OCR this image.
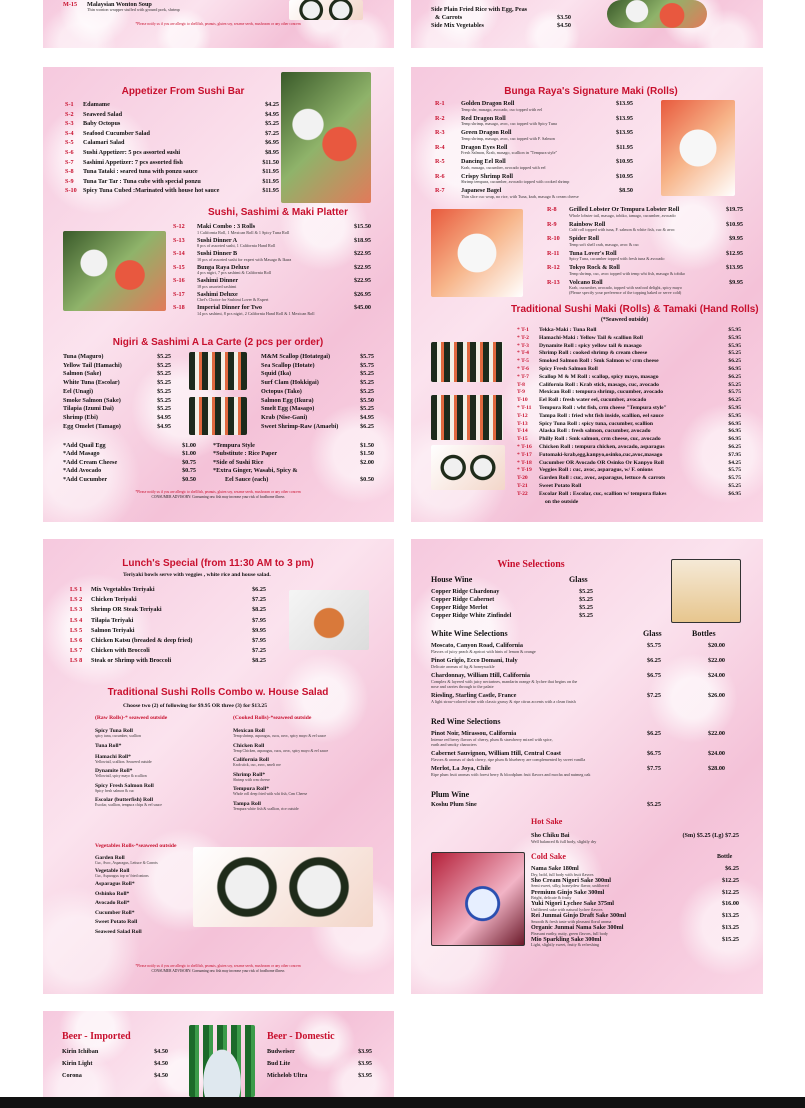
M-15 Malaysian Wonton Soup
Thin wonton wrapper stuffed with ground pork, shrimp
*Please notify us if you are allergic to shellfish, peanuts, gluten soy, sesame seeds, mushroom or any other concern
Side Plain Fried Rice with Egg, Peas
& Carrots	$3.50
Side Mix Vegetables	$4.50
Appetizer From Sushi Bar
S-1 Edamame	$4.25
S-2 Seaweed Salad	$4.95
S-3 Baby Octopus	$5.25
S-4 Seafood Cucumber Salad	$7.25
S-5 Calamari Salad	$6.95
S-6 Sushi Appetizer: 5 pcs assorted sushi	$8.95
S-7 Sashimi Appetizer: 7 pcs assorted fish	$11.50
S-8 Tuna Tataki : seared tuna with ponzu sauce	$11.95
S-9 Tuna Tar Tar : Tuna cube with special ponzu	$11.95
S-10 Spicy Tuna Cubed :Marinated with house hot sauce	$11.95
Sushi, Sashimi & Maki Platter
S-12 Maki Combo : 3 Rolls	$15.50
1 California Roll, 1 Mexican Roll & 1 Spicy Tuna Roll
S-13 Sushi Dinner A	$18.95
8 pcs of assorted sushi, 1 California Hand Roll
S-14 Sushi Dinner B	$22.95
10 pcs of assorted sushi for expert with Masago & Ikura
S-15 Bunga Raya Deluxe	$22.95
4 pcs nigiri, 7 pcs sashimi & California Roll
S-16 Sashimi Dinner	$22.95
18 pcs assorted sashimi
S-17 Sashimi Deluxe	$26.95
Chef's Choice for Sashimi Lover & Expert
S-18 Imperial Dinner for Two	$45.00
14 pcs sashimi, 8 pcs nigiri, 2 California Hand Roll & 1 Mexican Roll
Nigiri & Sashimi A La Carte (2 pcs per order)
Tuna (Maguro)	$5.25
Yellow Tail (Hamachi)	$5.25
Salmon (Sake)	$5.25
White Tuna (Escolar)	$5.25
Eel (Unagi)	$5.25
Smoke Salmon (Sake)	$5.25
Tilapia (Izumi Dai)	$5.25
Shrimp (Ebi)	$4.95
Egg Omelet (Tamago)	$4.95
M&M Scallop (Hotategai)	$5.75
Sea Scallop (Hotate)	$5.75
Squid (Ika)	$5.25
Surf Clam (Hokkigai)	$5.25
Octopus (Tako)	$5.25
Salmon Egg (Ikura)	$5.50
Smelt Egg (Masago)	$5.25
Krab (Nise-Gani)	$4.95
Sweet Shrimp-Raw (Amaebi)	$6.25
*Add Quail Egg	$1.00
*Add Masago	$1.00
*Add Cream Cheese	$0.75
*Add Avocado	$0.75
*Add Cucumber	$0.50
*Tempura Style	$1.50
*Substitute : Rice Paper	$1.50
*Side of Sushi Rice	$2.00
*Extra Ginger, Wasabi, Spicy &
Eel Sauce (each)	$0.50
*Please notify us if you are allergic to shellfish, peanuts, gluten soy, sesame seeds, mushroom or any other concern
CONSUMER ADVISORY: Consuming raw fish may increase your risk of foodborne illness
Bunga Raya's Signature Maki (Rolls)
R-1	Golden Dragon Roll	$13.95
Temp shr, masago, avocado, cuc topped with eel
R-2	Red Dragon Roll	$13.95
Temp shrimp, masago, avoc, cuc topped with Spicy Tuna
R-3	Green Dragon Roll	$13.95
Temp shrimp, masago, avoc, cuc topped with F. Salmon
R-4	Dragon Eyes Roll	$11.95
Fresh Salmon, Krab, masago, scallion in "Tempura style"
R-5	Dancing Eel Roll	$10.95
Krab, masago, cucumber, avocado topped with eel
R-6	Crispy Shrimp Roll	$10.95
Shrimp tempura, cucumber, avocado topped with cooked shrimp
R-7	Japanese Bagel	$8.50
Thin slice cuc wrap, no rice, with Tuna, krab, masago & cream cheese
R-8 Grilled Lobster Or Tempura Lobster Roll	$19.75
Whole lobster tail, masago, tobiko, tamago, cucumber, avocado
R-9 Rainbow Roll	$10.95
Calif roll topped with tuna, F. salmon & white fish, cuc & avoc
R-10 Spider Roll	$9.95
Temp soft shell crab, masago, avoc & cuc
R-11 Tuna Lover's Roll	$12.95
Spicy Tuna, cucumber topped with fresh tuna & avocado
R-12 Tokyo Rock & Roll	$13.95
Temp shrimp, cuc, avoc topped with temp wht fish, masago & tobiko
R-13 Volcano Roll	$9.95
Krab, cucumber, avocado, topped with seafood delight, spicy mayo
(Please specify your preference of the topping baked or serve cold)
Traditional Sushi Maki (Rolls) & Tamaki (Hand Rolls)
(*Seaweed outside)
* T-1 Tekka-Maki : Tuna Roll	$5.95
* T-2 Hamachi-Maki : Yellow Tail & scallion Roll	$5.95
* T-3 Dynamite Roll : spicy yellow tail & masago	$5.95
* T-4 Shrimp Roll : cooked shrimp & cream cheese	$5.25
* T-5 Smoked Salmon Roll : Smk Salmon w/ crm cheese	$6.25
* T-6 Spicy Fresh Salmon Roll	$6.95
* T-7 Scallop M & M Roll : scallop, spicy mayo, masago	$6.25
T-8	California Roll : Krab stick, masago, cuc, avocado	$5.25
T-9	Mexican Roll : tempura shrimp, cucumber, avocado	$5.75
T-10 Eel Roll : fresh water eel, cucumber, avocado	$6.25
* T-11 Tempura Roll : wht fish, crm cheese "Tempura style"	$5.95
T-12 Tampa Roll : fried wht fish inside, scallion, eel sauce	$5.95
T-13 Spicy Tuna Roll : spicy tuna, cucumber, scallion	$6.95
T-14 Alaska Roll : fresh salmon, cucumber, avocado	$6.95
T-15 Philly Roll : Smk salmon, crm cheese, cuc, avocado	$6.95
* T-16 Chicken Roll : tempura chicken, avocado, asparagus	$6.25
* T-17 Futomaki-krab,egg,kanpyo,osinko,cuc,avoc,masago	$7.95
* T-18 Cucumber OR Avocado OR Osinko Or Kanpyo Roll	$4.25
* T-19 Veggies Roll : cuc, avoc, asparagus, w/ F. onions	$5.75
T-20 Garden Roll : cuc, avoc, asparagus, lettuce & carrots	$5.75
T-21 Sweet Potato Roll	$5.25
T-22 Escolar Roll : Escolar, cuc, scallion w/ tempura flakes	$6.95
on the outside
Lunch's Special (from 11:30 AM to 3 pm)
Teriyaki bowls serve with veggies , white rice and house salad.
LS 1 Mix Vegetables Teriyaki	$6.25
LS 2 Chicken Teriyaki	$7.25
LS 3 Shrimp OR Steak Teriyaki	$8.25
LS 4 Tilapia Teriyaki	$7.95
LS 5 Salmon Teriyaki	$9.95
LS 6 Chicken Katsu (breaded & deep fried)	$7.95
LS 7 Chicken with Broccoli	$7.25
LS 8 Steak or Shrimp with Broccoli	$8.25
Traditional Sushi Rolls Combo w. House Salad
Choose two (2) of following for $9.95 OR three (3) for $13.25
(Raw Rolls)-* seaweed outside
Spicy Tuna Roll
spicy tuna, cucumber, scallion
Tuna Roll*
Hamachi Roll*
Yellowtail, scallion. Seaweed outside
Dynamite Roll*
Yellowtail, spicy mayo & scallion
Spicy Fresh Salmon Roll
Spicy fresh salmon & cuc
Escolar (butterfish) Roll
Escolar, scallion, tempura chips & eel sauce
(Cooked Rolls)-*seaweed outside
Mexican Roll
Temp shrimp, asparagus, cucu, avoc, spicy mayo & eel sauce
Chicken Roll
Temp Chicken, asparagus, cucu, avoc, spicy mayo & eel sauce
California Roll
Krab stick, cuc, avoc, smelt roe
Shrimp Roll*
Shrimp with crm cheese
Tempura Roll*
Whole roll deep fried with wht fish, Crm Cheese
Tampa Roll
Tempura white fish & scallion, rice outside
Vegetables Rolls-*seaweed outside
Garden Roll
Cuc, Avoc, Asparagus, Lettuce & Carrots
Vegetable Roll
Cuc, Asparagus top w/ fried onions
Asparagus Roll*
Oshinko Roll*
Avocado Roll*
Cucumber Roll*
Sweet Potato Roll
Seaweed Salad Roll
*Please notify us if you are allergic to shellfish, peanuts, gluten soy, sesame seeds, mushroom or any other concern
CONSUMER ADVISORY: Consuming raw fish may increase your risk of foodborne illness
Wine Selections
House Wine	Glass
Copper Ridge Chardonay	$5.25
Copper Ridge Cabernet	$5.25
Copper Ridge Merlot	$5.25
Copper Ridge White Zinfindel	$5.25
White Wine Selections	Glass	Bottles
Moscato, Canyon Road, California	$5.75	$20.00
Flavors of juicy peach & apricot with hints of lemon & orange
Pinot Grigio, Ecco Domani, Italy	$6.25	$22.00
Delicate aromas of fig & honeysuckle
Chardonnay, William Hill, California	$6.75	$24.00
Complex & layered with juicy nectarines, mandarin orange & lychee that begins on the
nose and carries through to the palate
Riesling, Starling Castle, France	$7.25	$26.00
A light straw-colored wine with classic grassy & ripe citrus accents with a clean finish
Red Wine Selections
Pinot Noir, Mirassou, California	$6.25	$22.00
Intense red berry flavors of cherry, plum & strawberry mixed with spice,
earth and smoky characters
Cabernet Sauvignon, William Hill, Central Coast	$6.75	$24.00
Flavors & aromas of dark cherry, ripe plum & blueberry are complemented by sweet vanilla
Merlot, La Joya, Chile	$7.75	$28.00
Ripe plum fruit aromas with forest berry & bloodplum fruit flavors and mocha and nutmeg oak
Plum Wine
Koshu Plum Sine	$5.25
Hot Sake
Sho Chiku Bai	(Sm) $5.25 (Lg) $7.25
Well balanced & full body, slightly dry
Cold Sake	Bottle
Nama Sake 180ml	$6.25
Dry, bold, full body with fruit flavors
Sho Cream Nigori Sake 300ml	$12.25
Semi sweet, silky, honeydew flavor, unfiltered
Premium Ginjo Sake 300ml	$12.25
Bright, delicate & fruity
Yuki Nigori Lychee Sake 375ml	$16.00
Unfiltered sake with natural lychee flavors
Rei Junmai Ginjo Draft Sake 300ml	$13.25
Smooth & fresh taste with pleasant floral aroma
Organic Junmai Nama Sake 300ml	$13.25
Pleasant earthy, nutty, green flavors, full body
Mio Sparkling Sake 300ml	$15.25
Light, slightly sweet, fruity & refreshing
Beer - Imported
Kirin Ichiban	$4.50
Kirin Light	$4.50
Corona	$4.50
Beer - Domestic
Budweiser	$3.95
Bud Lite	$3.95
Michelob Ultra	$3.95
